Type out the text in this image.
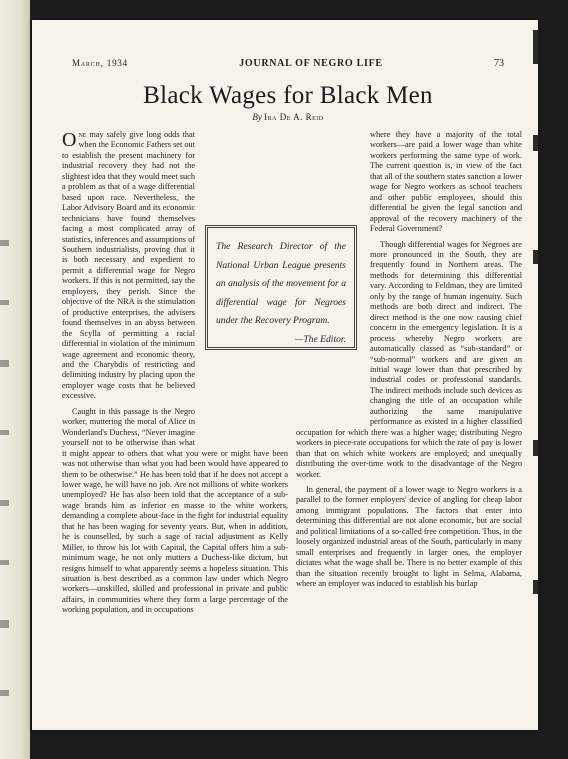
March, 1934	JOURNAL OF NEGRO LIFE	73
Black Wages for Black Men
By Ira De A. Reid

One may safely give long odds that when the Economic Fathers set out to establish the present machinery for industrial recovery they had not the slightest idea that they would meet such a problem as that of a wage differential based upon race. Nevertheless, the Labor Advisory Board and its economic technicians have found themselves facing a most complicated array of statistics, inferences and assumptions of Southern industrialists, proving that it is both necessary and expedient to permit a differential wage for Negro workers. If this is not permitted, say the employers, they perish. Since the objective of the NRA is the stimulation of productive enterprises, the advisers found themselves in an abyss between the Scylla of permitting a racial differential in violation of the minimum wage agreement and economic theory, and the Charybdis of restricting and delimiting industry by placing upon the employer wage costs that he believed excessive.

Caught in this passage is the Negro worker, muttering the moral of Alice in Wonderland's Duchess, “Never imagine yourself not to be otherwise than what it might appear to others that what you were or might have been was not otherwise than what you had been would have appeared to them to be otherwise.” He has been told that if he does not accept a lower wage, he will have no job. Are not millions of white workers unemployed? He has also been told that the acceptance of a sub-wage brands him as inferior en masse to the white workers, demanding a complete about-face in the fight for industrial equality that he has been waging for seventy years. But, when in addition, he is counselled, by such a sage of racial adjustment as Kelly Miller, to throw his lot with Capital, the Capital offers him a sub-minimum wage, he not only mutters a Duchess-like dictum, but resigns himself to what apparently seems a hopeless situation. This situation is best described as a common law under which Negro workers—unskilled, skilled and professional in private and public affairs, in communities where they form a large percentage of the working population, and in occupations

where they have a majority of the total workers—are paid a lower wage than white workers performing the same type of work. The current question is, in view of the fact that all of the southern states sanction a lower wage for Negro workers as school teachers and other public employees, should this differential be given the legal sanction and approval of the recovery machinery of the Federal Government?

Though differential wages for Negroes are more pronounced in the South, they are frequently found in Northern areas. The methods for determining this differential vary. According to Feldman, they are limited only by the range of human ingenuity. Such methods are both direct and indirect. The direct method is the one now causing chief concern in the emergency legislation. It is a process whereby Negro workers are automatically classed as “sub-standard” or “sub-normal” workers and are given an initial wage lower than that prescribed by industrial codes or professional standards. The indirect methods include such devices as changing the title of an occupation while authorizing the same manipulative performance as existed in a higher classified occupation for which there was a higher wage; distributing Negro workers in piece-rate occupations for which the rate of pay is lower than that on which white workers are employed; and unequally distributing the over-time work to the disadvantage of the Negro worker.

In general, the payment of a lower wage to Negro workers is a parallel to the former employers' device of angling for cheap labor among immigrant populations. The factors that enter into determining this differential are not alone economic, but are social and political limitations of a so-called free competition. Thus, in the loosely organized industrial areas of the South, particularly in many small enterprises and frequently in larger ones, the employer dictates what the wage shall be. There is no better example of this than the situation recently brought to light in Selma, Alabama, where an employer was induced to establish his burlap

The Research Director of the National Urban League presents an analysis of the movement for a differential wage for Negroes under the Recovery Program.
—The Editor.
